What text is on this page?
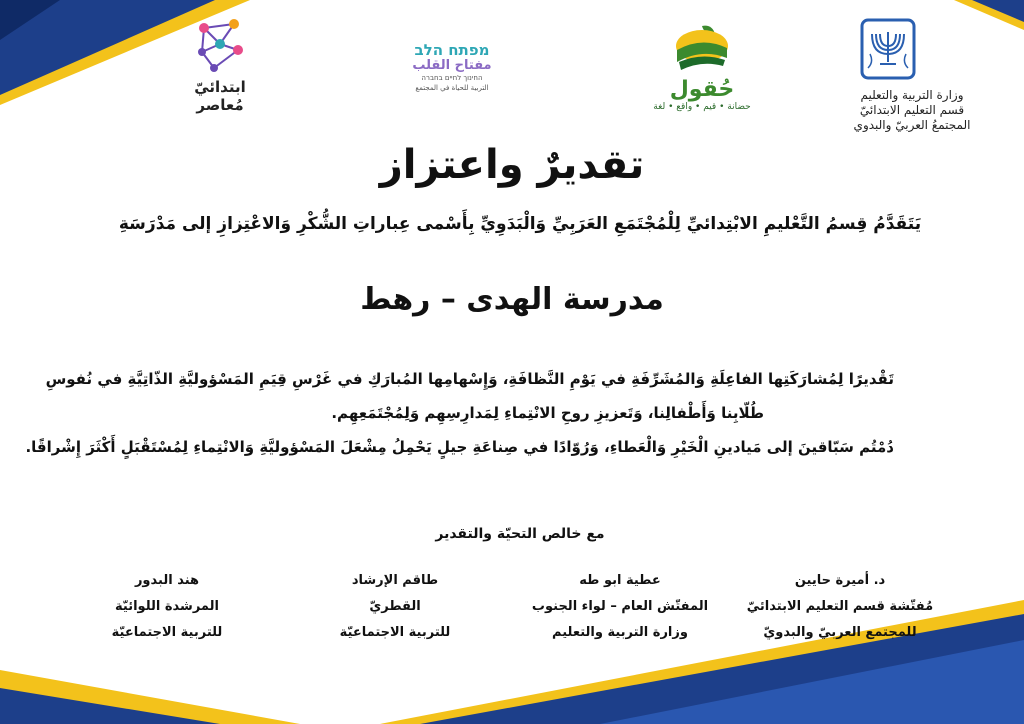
وزارة التربية والتعليم
قسم التعليم الابتدائيّ
المجتمعُ العربيّ والبدوي
حُقول
حضانة • قيم • واقع • لغة
מפתח הלב
مفتاح القلب
החינוך לחיים בחברה
التربية للحياة في المجتمع
ابتدائيّ
مُعاصر
تقديرٌ واعتزاز
يَتَقَدَّمُ قِسمُ التَّعْليمِ الابْتِدائيِّ لِلْمُجْتَمَعِ العَرَبِيِّ وَالْبَدَوِيِّ بِأَسْمى عِباراتِ الشُّكْرِ وَالاعْتِزازِ إلى مَدْرَسَةِ
مدرسة الهدى – رهط
تَقْديرًا لِمُشارَكَتِها الفاعِلَةِ وَالمُشَرِّفَةِ في يَوْمِ النَّظافَةِ، وَإِسْهامِها المُبارَكِ في غَرْسِ قِيَمِ المَسْؤوليَّةِ الذّاتِيَّةِ في نُفوسِ
طُلّابِنا وَأَطْفالِنا، وَتَعزيزِ روحِ الانْتِماءِ لِمَدارِسِهِم وَلِمُجْتَمَعِهِم.
دُمْتُم سَبّاقينَ إلى مَيادينِ الْخَيْرِ وَالْعَطاءِ، وَرُوّادًا في صِناعَةِ جيلٍ يَحْمِلُ مِشْعَلَ المَسْؤوليَّةِ وَالانْتِماءِ لِمُسْتَقْبَلٍ أَكْثَرَ إِشْراقًا.
مع خالص التحيّة والتقدير
د. أميرة حايين
مُفتّشة قسم التعليم الابتدائيّ
للمجتمع العربيّ والبدويّ
عطية ابو طه
المفتّش العام – لواء الجنوب
وزارة التربية والتعليم
طاقم الإرشاد
القطريّ
للتربية الاجتماعيّة
هند البدور
المرشدة اللوائيّة
للتربية الاجتماعيّة
